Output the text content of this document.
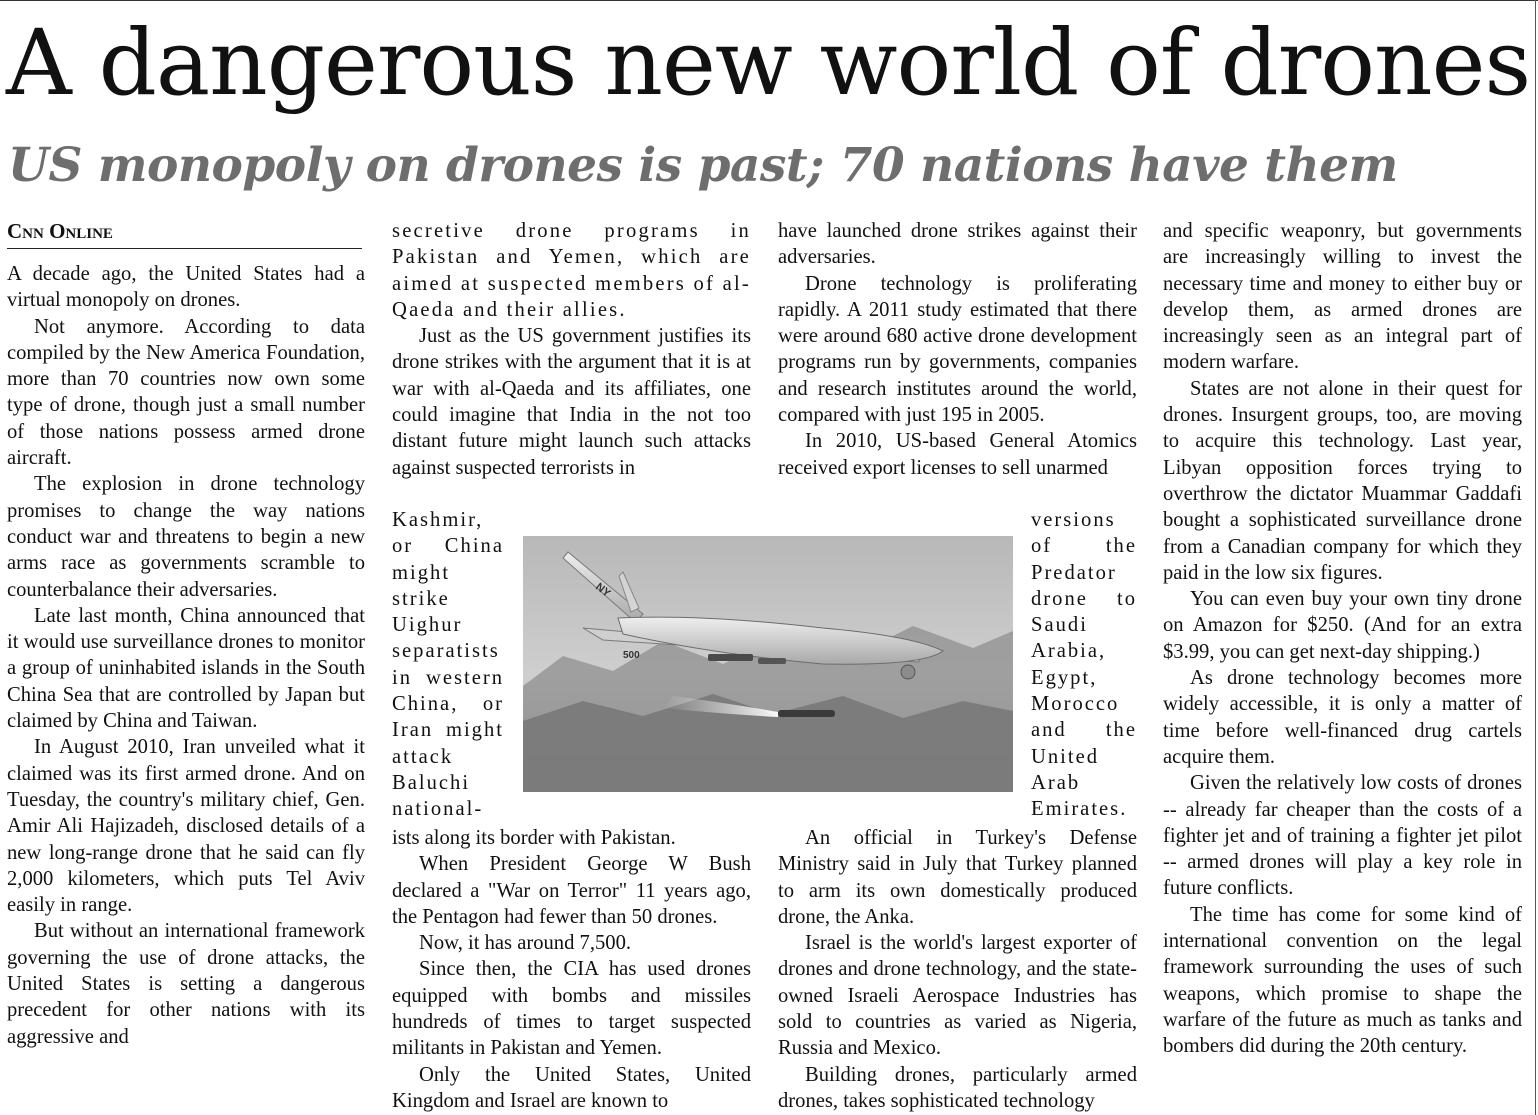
A dangerous new world of drones
US monopoly on drones is past; 70 nations have them
Cnn Online

A decade ago, the United States had a virtual monopoly on drones.

Not anymore. According to data compiled by the New America Foundation, more than 70 countries now own some type of drone, though just a small number of those nations possess armed drone aircraft.

The explosion in drone technology promises to change the way nations conduct war and threatens to begin a new arms race as governments scramble to counterbalance their adversaries.

Late last month, China announced that it would use surveillance drones to monitor a group of uninhabited islands in the South China Sea that are controlled by Japan but claimed by China and Taiwan.

In August 2010, Iran unveiled what it claimed was its first armed drone. And on Tuesday, the country's military chief, Gen. Amir Ali Hajizadeh, disclosed details of a new long-range drone that he said can fly 2,000 kilometers, which puts Tel Aviv easily in range.

But without an international framework governing the use of drone attacks, the United States is setting a dangerous precedent for other nations with its aggressive and

secretive drone programs in Pakistan and Yemen, which are aimed at suspected members of al-Qaeda and their allies.

Just as the US government justifies its drone strikes with the argument that it is at war with al-Qaeda and its affiliates, one could imagine that India in the not too distant future might launch such attacks against suspected terrorists in

Kashmir, or China might strike Uighur separatists in western China, or Iran might attack Baluchi national-

ists along its border with Pakistan.

When President George W Bush declared a "War on Terror" 11 years ago, the Pentagon had fewer than 50 drones.

Now, it has around 7,500.

Since then, the CIA has used drones equipped with bombs and missiles hundreds of times to target suspected militants in Pakistan and Yemen.

Only the United States, United Kingdom and Israel are known to

have launched drone strikes against their adversaries.

Drone technology is proliferating rapidly. A 2011 study estimated that there were around 680 active drone development programs run by governments, companies and research institutes around the world, compared with just 195 in 2005.

In 2010, US-based General Atomics received export licenses to sell unarmed

versions of the Predator drone to Saudi Arabia, Egypt, Morocco and the United Arab Emirates.

An official in Turkey's Defense Ministry said in July that Turkey planned to arm its own domestically produced drone, the Anka.

Israel is the world's largest exporter of drones and drone technology, and the state-owned Israeli Aerospace Industries has sold to countries as varied as Nigeria, Russia and Mexico.

Building drones, particularly armed drones, takes sophisticated technology

and specific weaponry, but governments are increasingly willing to invest the necessary time and money to either buy or develop them, as armed drones are increasingly seen as an integral part of modern warfare.

States are not alone in their quest for drones. Insurgent groups, too, are moving to acquire this technology. Last year, Libyan opposition forces trying to overthrow the dictator Muammar Gaddafi bought a sophisticated surveillance drone from a Canadian company for which they paid in the low six figures.

You can even buy your own tiny drone on Amazon for $250. (And for an extra $3.99, you can get next-day shipping.)

As drone technology becomes more widely accessible, it is only a matter of time before well-financed drug cartels acquire them.

Given the relatively low costs of drones -- already far cheaper than the costs of a fighter jet and of training a fighter jet pilot -- armed drones will play a key role in future conflicts.

The time has come for some kind of international convention on the legal framework surrounding the uses of such weapons, which promise to shape the warfare of the future as much as tanks and bombers did during the 20th century.

NY
500
